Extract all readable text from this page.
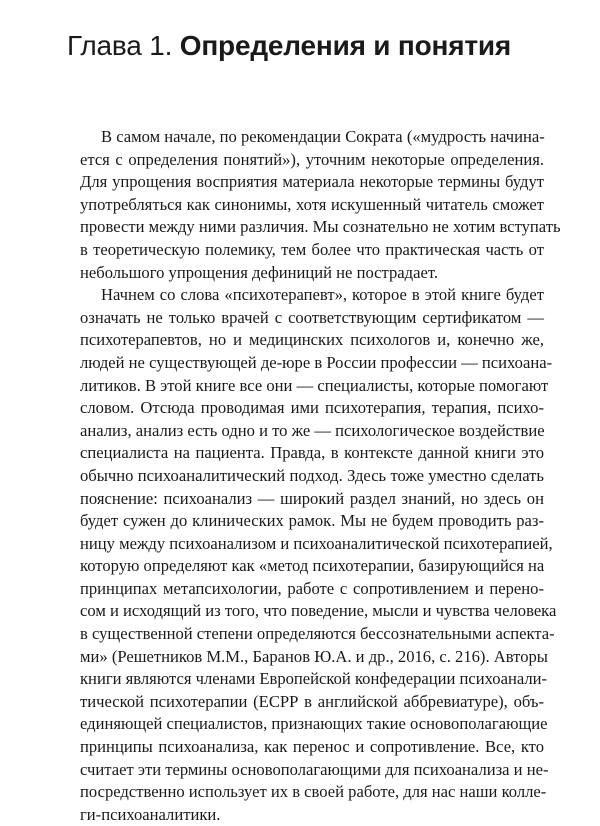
Глава 1. Определения и понятия
В самом начале, по рекомендации Сократа («мудрость начина-
ется с определения понятий»), уточним некоторые определения.
Для упрощения восприятия материала некоторые термины будут
употребляться как синонимы, хотя искушенный читатель сможет
провести между ними различия. Мы сознательно не хотим вступать
в теоретическую полемику, тем более что практическая часть от
небольшого упрощения дефиниций не пострадает.
Начнем со слова «психотерапевт», которое в этой книге будет
означать не только врачей с соответствующим сертификатом —
психотерапевтов, но и медицинских психологов и, конечно же,
людей не существующей де-юре в России профессии — психоана-
литиков. В этой книге все они — специалисты, которые помогают
словом. Отсюда проводимая ими психотерапия, терапия, психо-
анализ, анализ есть одно и то же — психологическое воздействие
специалиста на пациента. Правда, в контексте данной книги это
обычно психоаналитический подход. Здесь тоже уместно сделать
пояснение: психоанализ — широкий раздел знаний, но здесь он
будет сужен до клинических рамок. Мы не будем проводить раз-
ницу между психоанализом и психоаналитической психотерапией,
которую определяют как «метод психотерапии, базирующийся на
принципах метапсихологии, работе с сопротивлением и перено-
сом и исходящий из того, что поведение, мысли и чувства человека
в существенной степени определяются бессознательными аспекта-
ми» (Решетников М.М., Баранов Ю.А. и др., 2016, с. 216). Авторы
книги являются членами Европейской конфедерации психоанали-
тической психотерапии (ЕСРР в английской аббревиатуре), объ-
единяющей специалистов, признающих такие основополагающие
принципы психоанализа, как перенос и сопротивление. Все, кто
считает эти термины основополагающими для психоанализа и не-
посредственно использует их в своей работе, для нас наши колле-
ги-психоаналитики.
